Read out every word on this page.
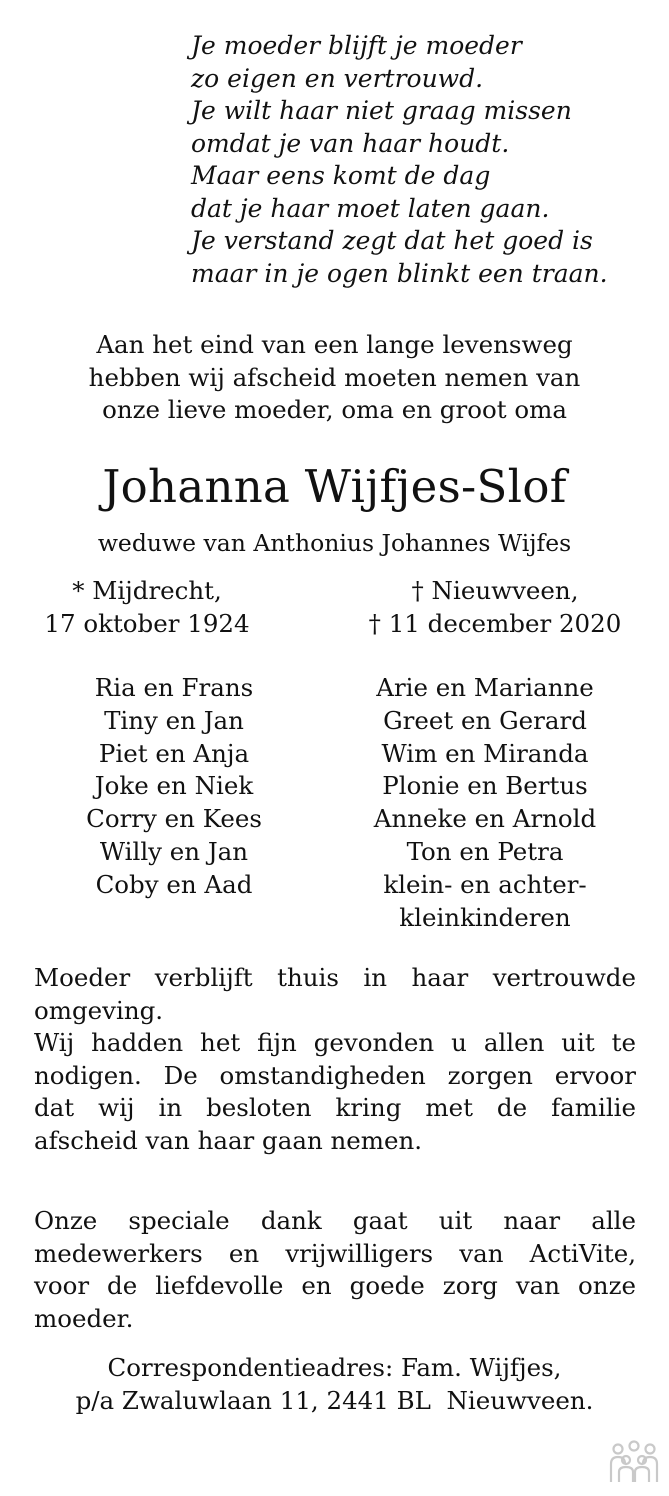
Je moeder blijft je moeder
zo eigen en vertrouwd.
Je wilt haar niet graag missen
omdat je van haar houdt.
Maar eens komt de dag
dat je haar moet laten gaan.
Je verstand zegt dat het goed is
maar in je ogen blinkt een traan.
Aan het eind van een lange levensweg
hebben wij afscheid moeten nemen van
onze lieve moeder, oma en groot oma
Johanna Wijfjes-Slof
weduwe van Anthonius Johannes Wijfes
* Mijdrecht,
17 oktober 1924
† Nieuwveen,
† 11 december 2020
Ria en Frans
Tiny en Jan
Piet en Anja
Joke en Niek
Corry en Kees
Willy en Jan
Coby en Aad
Arie en Marianne
Greet en Gerard
Wim en Miranda
Plonie en Bertus
Anneke en Arnold
Ton en Petra
klein- en achter-
kleinkinderen
Moeder verblijft thuis in haar vertrouwde
omgeving.
Wij hadden het fijn gevonden u allen uit te
nodigen. De omstandigheden zorgen ervoor
dat wij in besloten kring met de familie
afscheid van haar gaan nemen.
Onze speciale dank gaat uit naar alle
medewerkers en vrijwilligers van ActiVite,
voor de liefdevolle en goede zorg van onze
moeder.
Correspondentieadres: Fam. Wijfjes,
p/a Zwaluwlaan 11, 2441 BL  Nieuwveen.
